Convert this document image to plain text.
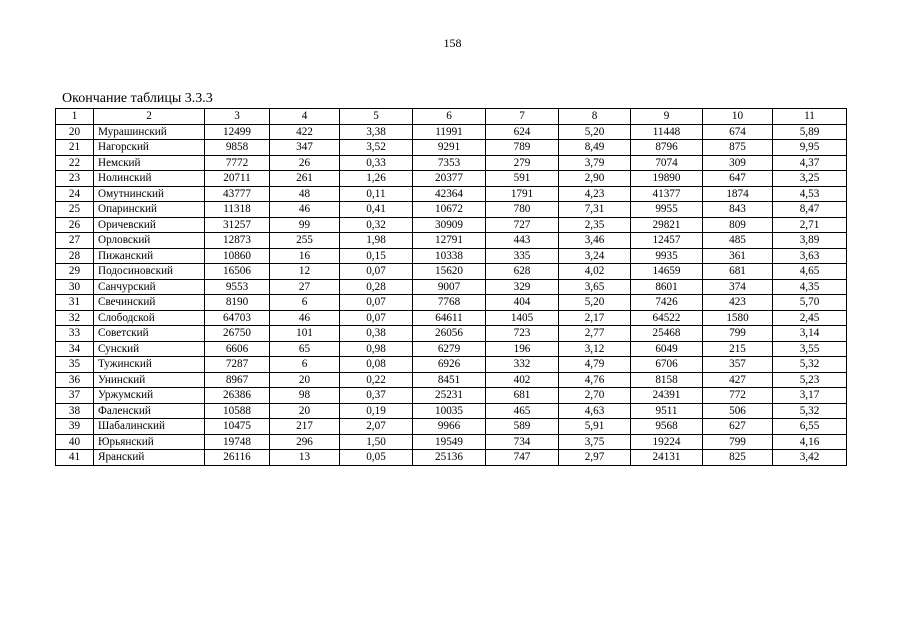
158
Окончание таблицы 3.3.3
1	2	3	4	5	6	7	8	9	10	11
20	Мурашинский	12499	422	3,38	11991	624	5,20	11448	674	5,89
21	Нагорский	9858	347	3,52	9291	789	8,49	8796	875	9,95
22	Немский	7772	26	0,33	7353	279	3,79	7074	309	4,37
23	Нолинский	20711	261	1,26	20377	591	2,90	19890	647	3,25
24	Омутнинский	43777	48	0,11	42364	1791	4,23	41377	1874	4,53
25	Опаринский	11318	46	0,41	10672	780	7,31	9955	843	8,47
26	Оричевский	31257	99	0,32	30909	727	2,35	29821	809	2,71
27	Орловский	12873	255	1,98	12791	443	3,46	12457	485	3,89
28	Пижанский	10860	16	0,15	10338	335	3,24	9935	361	3,63
29	Подосиновский	16506	12	0,07	15620	628	4,02	14659	681	4,65
30	Санчурский	9553	27	0,28	9007	329	3,65	8601	374	4,35
31	Свечинский	8190	6	0,07	7768	404	5,20	7426	423	5,70
32	Слободской	64703	46	0,07	64611	1405	2,17	64522	1580	2,45
33	Советский	26750	101	0,38	26056	723	2,77	25468	799	3,14
34	Сунский	6606	65	0,98	6279	196	3,12	6049	215	3,55
35	Тужинский	7287	6	0,08	6926	332	4,79	6706	357	5,32
36	Унинский	8967	20	0,22	8451	402	4,76	8158	427	5,23
37	Уржумский	26386	98	0,37	25231	681	2,70	24391	772	3,17
38	Фаленский	10588	20	0,19	10035	465	4,63	9511	506	5,32
39	Шабалинский	10475	217	2,07	9966	589	5,91	9568	627	6,55
40	Юрьянский	19748	296	1,50	19549	734	3,75	19224	799	4,16
41	Яранский	26116	13	0,05	25136	747	2,97	24131	825	3,42
